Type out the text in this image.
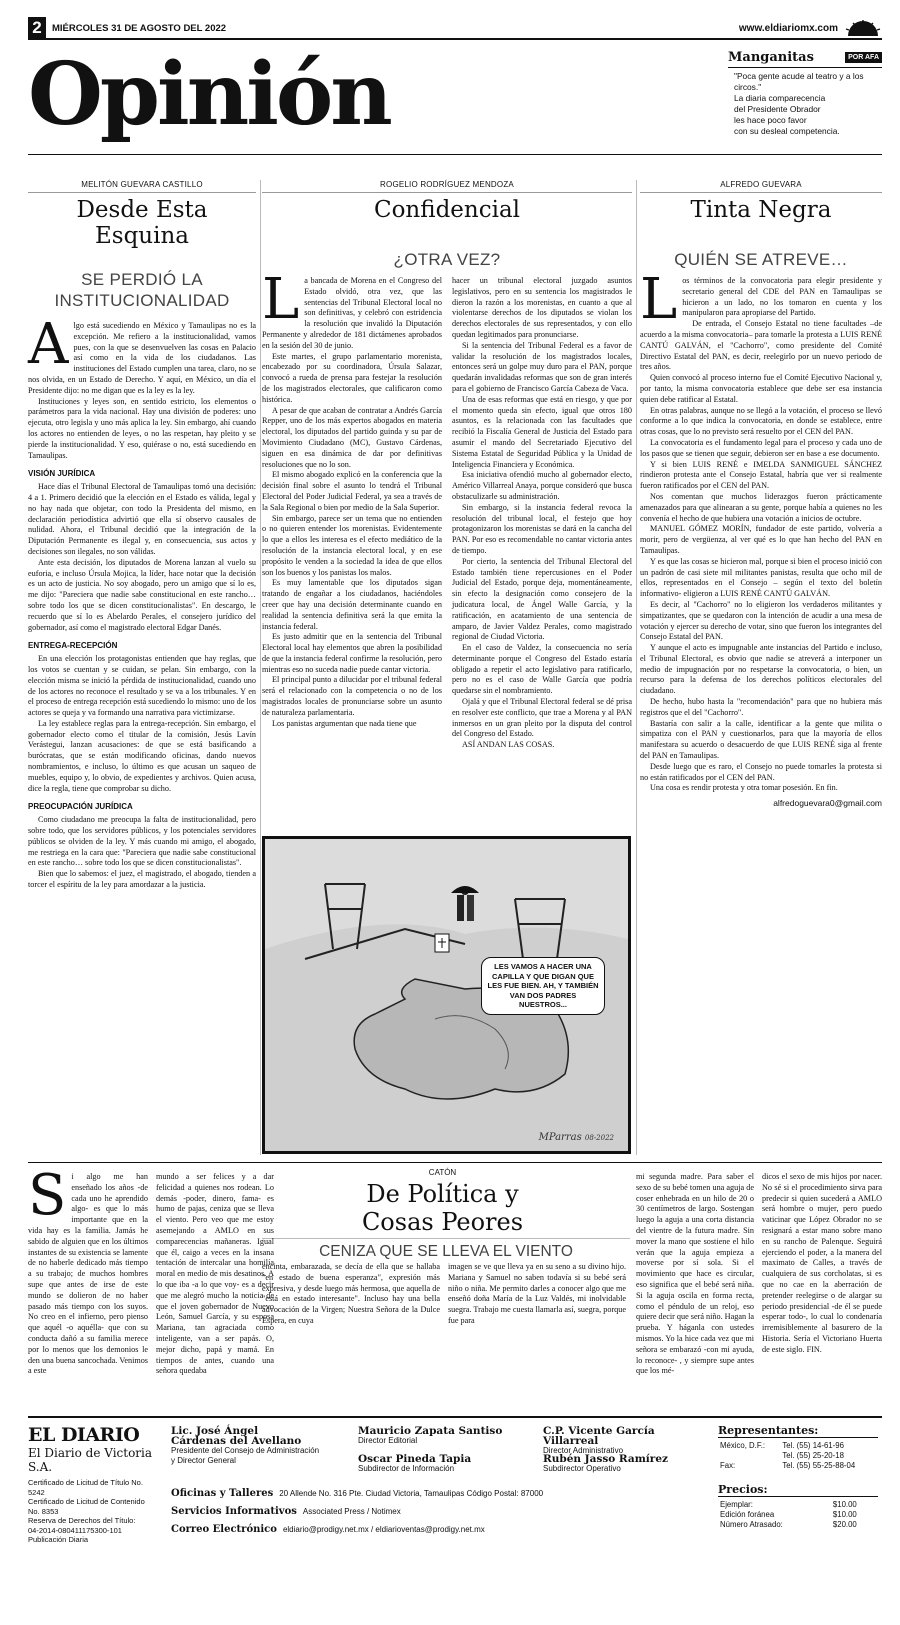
2	MIÉRCOLES 31 DE AGOSTO DEL 2022	www.eldiariomx.com
Opinión	Manganitas	POR AFA
"Poca gente acude al teatro y a los circos."
La diaria comparecencia
del Presidente Obrador
les hace poco favor
con su desleal competencia.
MELITÓN GUEVARA CASTILLO
Desde Esta
Esquina
SE PERDIÓ LA
INSTITUCIONALIDAD

Algo está sucediendo en México y Tamaulipas no es la excepción. Me refiero a la institucionalidad, vamos pues, con la que se desenvuelven las cosas en Palacio así como en la vida de los ciudadanos. Las instituciones del Estado cumplen una tarea, claro, no se nos olvida, en un Estado de Derecho. Y aquí, en México, un día el Presidente dijo: no me digan que es la ley es la ley.

Instituciones y leyes son, en sentido estricto, los elementos o parámetros para la vida nacional. Hay una división de poderes: uno ejecuta, otro legisla y uno más aplica la ley. Sin embargo, ahí cuando los actores no entienden de leyes, o no las respetan, hay pleito y se pierde la institucionalidad. Y eso, quiérase o no, está sucediendo en Tamaulipas.

VISIÓN JURÍDICA

Hace días el Tribunal Electoral de Tamaulipas tomó una decisión: 4 a 1. Primero decidió que la elección en el Estado es válida, legal y no hay nada que objetar, con todo la Presidenta del mismo, en declaración periodística advirtió que ella sí observo causales de nulidad. Ahora, el Tribunal decidió que la integración de la Diputación Permanente es ilegal y, en consecuencia, sus actos y decisiones son ilegales, no son válidas.

Ante esta decisión, los diputados de Morena lanzan al vuelo su euforia, e incluso Úrsula Mojica, la líder, hace notar que la decisión es un acto de justicia. No soy abogado, pero un amigo que sí lo es, me dijo: "Pareciera que nadie sabe constitucional en este rancho… sobre todo los que se dicen constitucionalistas". En descargo, le recuerdo que sí lo es Abelardo Perales, el consejero jurídico del gobernador, así como el magistrado electoral Edgar Danés.

ENTREGA-RECEPCIÓN

En una elección los protagonistas entienden que hay reglas, que los votos se cuentan y se cuidan, se pelan. Sin embargo, con la elección misma se inició la pérdida de institucionalidad, cuando uno de los actores no reconoce el resultado y se va a los tribunales. Y en el proceso de entrega recepción está sucediendo lo mismo: uno de los actores se queja y va formando una narrativa para victimizarse.

La ley establece reglas para la entrega-recepción. Sin embargo, el gobernador electo como el titular de la comisión, Jesús Lavín Verástegui, lanzan acusaciones: de que se está basificando a burócratas, que se están modificando oficinas, dando nuevos nombramientos, e incluso, lo último es que acusan un saqueo de muebles, equipo y, lo obvio, de expedientes y archivos. Quien acusa, dice la regla, tiene que comprobar su dicho.

PREOCUPACIÓN JURÍDICA

Como ciudadano me preocupa la falta de institucionalidad, pero sobre todo, que los servidores públicos, y los potenciales servidores públicos se olviden de la ley. Y más cuando mi amigo, el abogado, me restriega en la cara que: "Pareciera que nadie sabe constitucional en este rancho… sobre todo los que se dicen constitucionalistas".

Bien que lo sabemos: el juez, el magistrado, el abogado, tienden a torcer el espíritu de la ley para amordazar a la justicia.

ROGELIO RODRÍGUEZ MENDOZA
Confidencial
¿OTRA VEZ?

La bancada de Morena en el Congreso del Estado olvidó, otra vez, que las sentencias del Tribunal Electoral local no son definitivas, y celebró con estridencia la resolución que invalidó la Diputación Permanente y alrededor de 181 dictámenes aprobados en la sesión del 30 de junio.

Este martes, el grupo parlamentario morenista, encabezado por su coordinadora, Úrsula Salazar, convocó a rueda de prensa para festejar la resolución de los magistrados electorales, que calificaron como histórica.

A pesar de que acaban de contratar a Andrés García Repper, uno de los más expertos abogados en materia electoral, los diputados del partido guinda y su par de Movimiento Ciudadano (MC), Gustavo Cárdenas, siguen en esa dinámica de dar por definitivas resoluciones que no lo son.

El mismo abogado explicó en la conferencia que la decisión final sobre el asunto lo tendrá el Tribunal Electoral del Poder Judicial Federal, ya sea a través de la Sala Regional o bien por medio de la Sala Superior.

Sin embargo, parece ser un tema que no entienden o no quieren entender los morenistas. Evidentemente lo que a ellos les interesa es el efecto mediático de la resolución de la instancia electoral local, y en ese propósito le venden a la sociedad la idea de que ellos son los buenos y los panistas los malos.

Es muy lamentable que los diputados sigan tratando de engañar a los ciudadanos, haciéndoles creer que hay una decisión determinante cuando en realidad la sentencia definitiva será la que emita la instancia federal.

Es justo admitir que en la sentencia del Tribunal Electoral local hay elementos que abren la posibilidad de que la instancia federal confirme la resolución, pero mientras eso no suceda nadie puede cantar victoria.

El principal punto a dilucidar por el tribunal federal será el relacionado con la competencia o no de los magistrados locales de pronunciarse sobre un asunto de naturaleza parlamentaria.

Los panistas argumentan que nada tiene que

hacer un tribunal electoral juzgado asuntos legislativos, pero en su sentencia los magistrados le dieron la razón a los morenistas, en cuanto a que al violentarse derechos de los diputados se violan los derechos electorales de sus representados, y con ello quedan legitimados para pronunciarse.

Si la sentencia del Tribunal Federal es a favor de validar la resolución de los magistrados locales, entonces será un golpe muy duro para el PAN, porque quedarán invalidadas reformas que son de gran interés para el gobierno de Francisco García Cabeza de Vaca.

Una de esas reformas que está en riesgo, y que por el momento queda sin efecto, igual que otros 180 asuntos, es la relacionada con las facultades que recibió la Fiscalía General de Justicia del Estado para asumir el mando del Secretariado Ejecutivo del Sistema Estatal de Seguridad Pública y la Unidad de Inteligencia Financiera y Económica.

Esa iniciativa ofendió mucho al gobernador electo, Américo Villarreal Anaya, porque consideró que busca obstaculizarle su administración.

Sin embargo, si la instancia federal revoca la resolución del tribunal local, el festejo que hoy protagonizaron los morenistas se dará en la cancha del PAN. Por eso es recomendable no cantar victoria antes de tiempo.

Por cierto, la sentencia del Tribunal Electoral del Estado también tiene repercusiones en el Poder Judicial del Estado, porque deja, momentáneamente, sin efecto la designación como consejero de la judicatura local, de Ángel Walle García, y la ratificación, en acatamiento de una sentencia de amparo, de Javier Valdez Perales, como magistrado regional de Ciudad Victoria.

En el caso de Valdez, la consecuencia no sería determinante porque el Congreso del Estado estaría obligado a repetir el acto legislativo para ratificarlo, pero no es el caso de Walle García que podría quedarse sin el nombramiento.

Ojalá y que el Tribunal Electoral federal se dé prisa en resolver este conflicto, que trae a Morena y al PAN inmersos en un gran pleito por la disputa del control del Congreso del Estado.

ASÍ ANDAN LAS COSAS.

LES VAMOS A HACER UNA CAPILLA Y QUE DIGAN QUE LES FUE BIEN. AH, Y TAMBIÉN VAN DOS PADRES NUESTROS...
MParras 08-2022
ALFREDO GUEVARA
Tinta Negra
QUIÉN SE ATREVE…

Los términos de la convocatoria para elegir presidente y secretario general del CDE del PAN en Tamaulipas se hicieron a un lado, no los tomaron en cuenta y los manipularon para apropiarse del Partido.

De entrada, el Consejo Estatal no tiene facultades –de acuerdo a la misma convocatoria– para tomarle la protesta a LUIS RENÉ CANTÚ GALVÁN, el "Cachorro", como presidente del Comité Directivo Estatal del PAN, es decir, reelegirlo por un nuevo periodo de tres años.

Quien convocó al proceso interno fue el Comité Ejecutivo Nacional y, por tanto, la misma convocatoria establece que debe ser esa instancia quien debe ratificar al Estatal.

En otras palabras, aunque no se llegó a la votación, el proceso se llevó conforme a lo que indica la convocatoria, en donde se establece, entre otras cosas, que lo no previsto será resuelto por el CEN del PAN.

La convocatoria es el fundamento legal para el proceso y cada uno de los pasos que se tienen que seguir, debieron ser en base a ese documento.

Y si bien LUIS RENÉ e IMELDA SANMIGUEL SÁNCHEZ rindieron protesta ante el Consejo Estatal, habría que ver si realmente fueron ratificados por el CEN del PAN.

Nos comentan que muchos liderazgos fueron prácticamente amenazados para que alinearan a su gente, porque había a quienes no les convenía el hecho de que hubiera una votación a inicios de octubre.

MANUEL GÓMEZ MORÍN, fundador de este partido, volvería a morir, pero de vergüenza, al ver qué es lo que han hecho del PAN en Tamaulipas.

Y es que las cosas se hicieron mal, porque si bien el proceso inició con un padrón de casi siete mil militantes panistas, resulta que ocho mil de ellos, representados en el Consejo – según el texto del boletín informativo- eligieron a LUIS RENÉ CANTÚ GALVÁN.

Es decir, al "Cachorro" no lo eligieron los verdaderos militantes y simpatizantes, que se quedaron con la intención de acudir a una mesa de votación y ejercer su derecho de votar, sino que fueron los integrantes del Consejo Estatal del PAN.

Y aunque el acto es impugnable ante instancias del Partido e incluso, el Tribunal Electoral, es obvio que nadie se atreverá a interponer un medio de impugnación por no respetarse la convocatoria, o bien, un recurso para la defensa de los derechos políticos electorales del ciudadano.

De hecho, hubo hasta la "recomendación" para que no hubiera más registros que el del "Cachorro".

Bastaría con salir a la calle, identificar a la gente que milita o simpatiza con el PAN y cuestionarlos, para que la mayoría de ellos manifestara su acuerdo o desacuerdo de que LUIS RENÉ siga al frente del PAN en Tamaulipas.

Desde luego que es raro, el Consejo no puede tomarles la protesta si no están ratificados por el CEN del PAN.

Una cosa es rendir protesta y otra tomar posesión. En fin.

alfredoguevara0@gmail.com
CATÓN
De Política y
Cosas Peores
CENIZA QUE SE LLEVA EL VIENTO

Si algo me han enseñado los años -de cada uno he aprendido algo- es que lo más importante que en la vida hay es la familia. Jamás he sabido de alguien que en los últimos instantes de su existencia se lamente de no haberle dedicado más tiempo a su trabajo; de muchos hombres supe que antes de irse de este mundo se dolieron de no haber pasado más tiempo con los suyos. No creo en el infierno, pero pienso que aquél -o aquélla- que con su conducta dañó a su familia merece por lo menos que los demonios le den una buena sancochada. Venimos a este

mundo a ser felices y a dar felicidad a quienes nos rodean. Lo demás -poder, dinero, fama- es humo de pajas, ceniza que se lleva el viento. Pero veo que me estoy asemejando a AMLO en sus comparecencias mañaneras. Igual que él, caigo a veces en la insana tentación de intercalar una homilía moral en medio de mis desatinos. A lo que iba -a lo que voy- es a decir que me alegró mucho la noticia de que el joven gobernador de Nuevo León, Samuel García, y su esposa Mariana, tan agraciada como inteligente, van a ser papás. O, mejor dicho, papá y mamá. En tiempos de antes, cuando una señora quedaba

encinta, embarazada, se decía de ella que se hallaba "en estado de buena esperanza", expresión más expresiva, y desde luego más hermosa, que aquella de "está en estado interesante". Incluso hay una bella advocación de la Virgen; Nuestra Señora de la Dulce Espera, en cuya

imagen se ve que lleva ya en su seno a su divino hijo. Mariana y Samuel no saben todavía si su bebé será niño o niña. Me permito darles a conocer algo que me enseñó doña María de la Luz Valdés, mi inolvidable suegra. Trabajo me cuesta llamarla así, suegra, porque fue para

mi segunda madre. Para saber el sexo de su bebé tomen una aguja de coser enhebrada en un hilo de 20 o 30 centímetros de largo. Sostengan luego la aguja a una corta distancia del vientre de la futura madre. Sin mover la mano que sostiene el hilo verán que la aguja empieza a moverse por sí sola. Si el movimiento que hace es circular, eso significa que el bebé será niña. Si la aguja oscila en forma recta, como el péndulo de un reloj, eso quiere decir que será niño. Hagan la prueba. Y háganla con ustedes mismos. Yo la hice cada vez que mi señora se embarazó -con mi ayuda, lo reconoce- , y siempre supe antes que los mé-

dicos el sexo de mis hijos por nacer. No sé si el procedimiento sirva para predecir si quien sucederá a AMLO será hombre o mujer, pero puedo vaticinar que López Obrador no se resignará a estar mano sobre mano en su rancho de Palenque. Seguirá ejerciendo el poder, a la manera del maximato de Calles, a través de cualquiera de sus corcholatas, si es que no cae en la aberración de pretender reelegirse o de alargar su periodo presidencial -de él se puede esperar todo-, lo cual lo condenaría irremisiblemente al basurero de la Historia. Sería el Victoriano Huerta de este siglo. FIN.

EL DIARIO
El Diario de Victoria S.A.
Certificado de Licitud de Título No. 5242
Certificado de Licitud de Contenido No. 8353
Reserva de Derechos del Título:
04-2014-080411175300-101
Publicación Diaria
Lic. José Ángel
Cárdenas del Avellano
Presidente del Consejo de Administración y Director General
Mauricio Zapata Santiso
Director Editorial
Oscar Pineda Tapia
Subdirector de Información
C.P. Vicente García Villarreal
Director Administrativo
Rubén Jasso Ramírez
Subdirector Operativo
Oficinas y Talleres 20 Allende No. 316 Pte. Ciudad Victoria, Tamaulipas Código Postal: 87000
Servicios Informativos Associated Press / Notimex
Correo Electrónico eldiario@prodigy.net.mx / eldiarioventas@prodigy.net.mx
Representantes:
México, D.F.:	Tel. (55) 14-61-96
	Tel. (55) 25-20-18
Fax:	Tel. (55) 55-25-88-04
Precios:
Ejemplar:	$10.00
Edición foránea	$10.00
Número Atrasado:	$20.00
